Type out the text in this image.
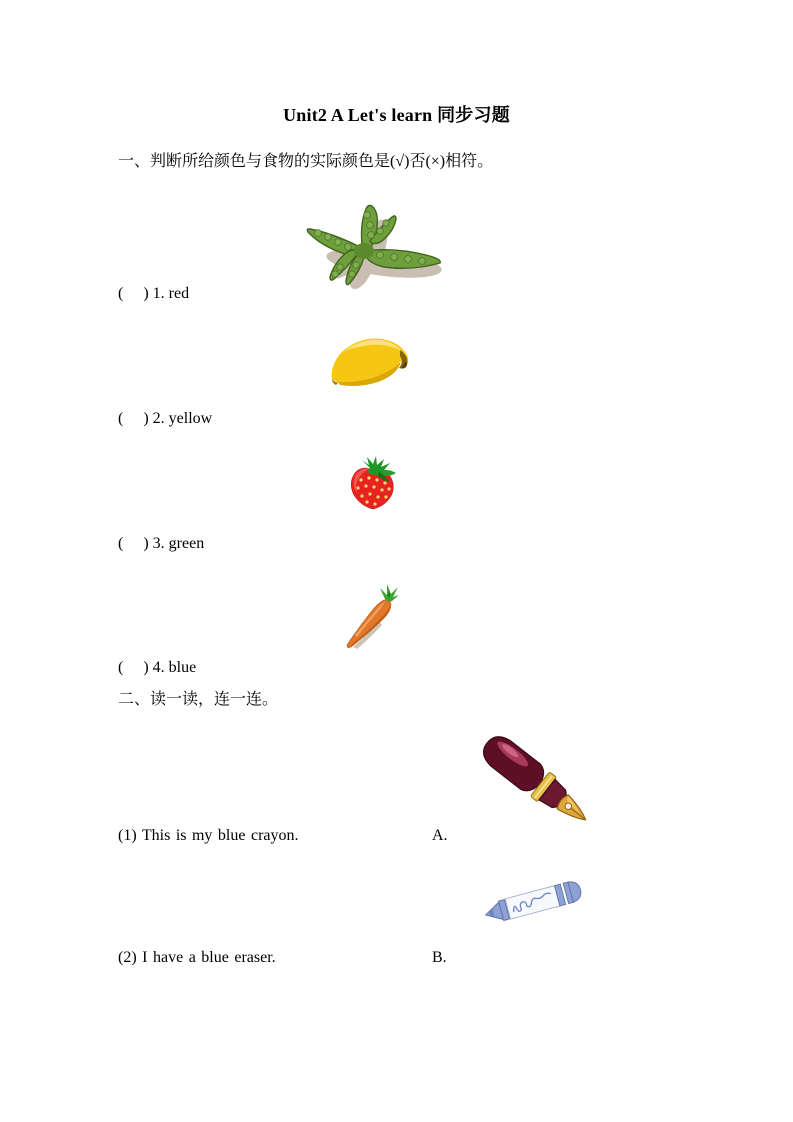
Unit2 A Let's learn 同步习题
一、判断所给颜色与食物的实际颜色是(√)否(×)相符。
(     ) 1. red
(     ) 2. yellow
(     ) 3. green
(     ) 4. blue
二、读一读，连一连。
(1) This is my blue crayon.	A.
(2) I have a blue eraser.	B.
